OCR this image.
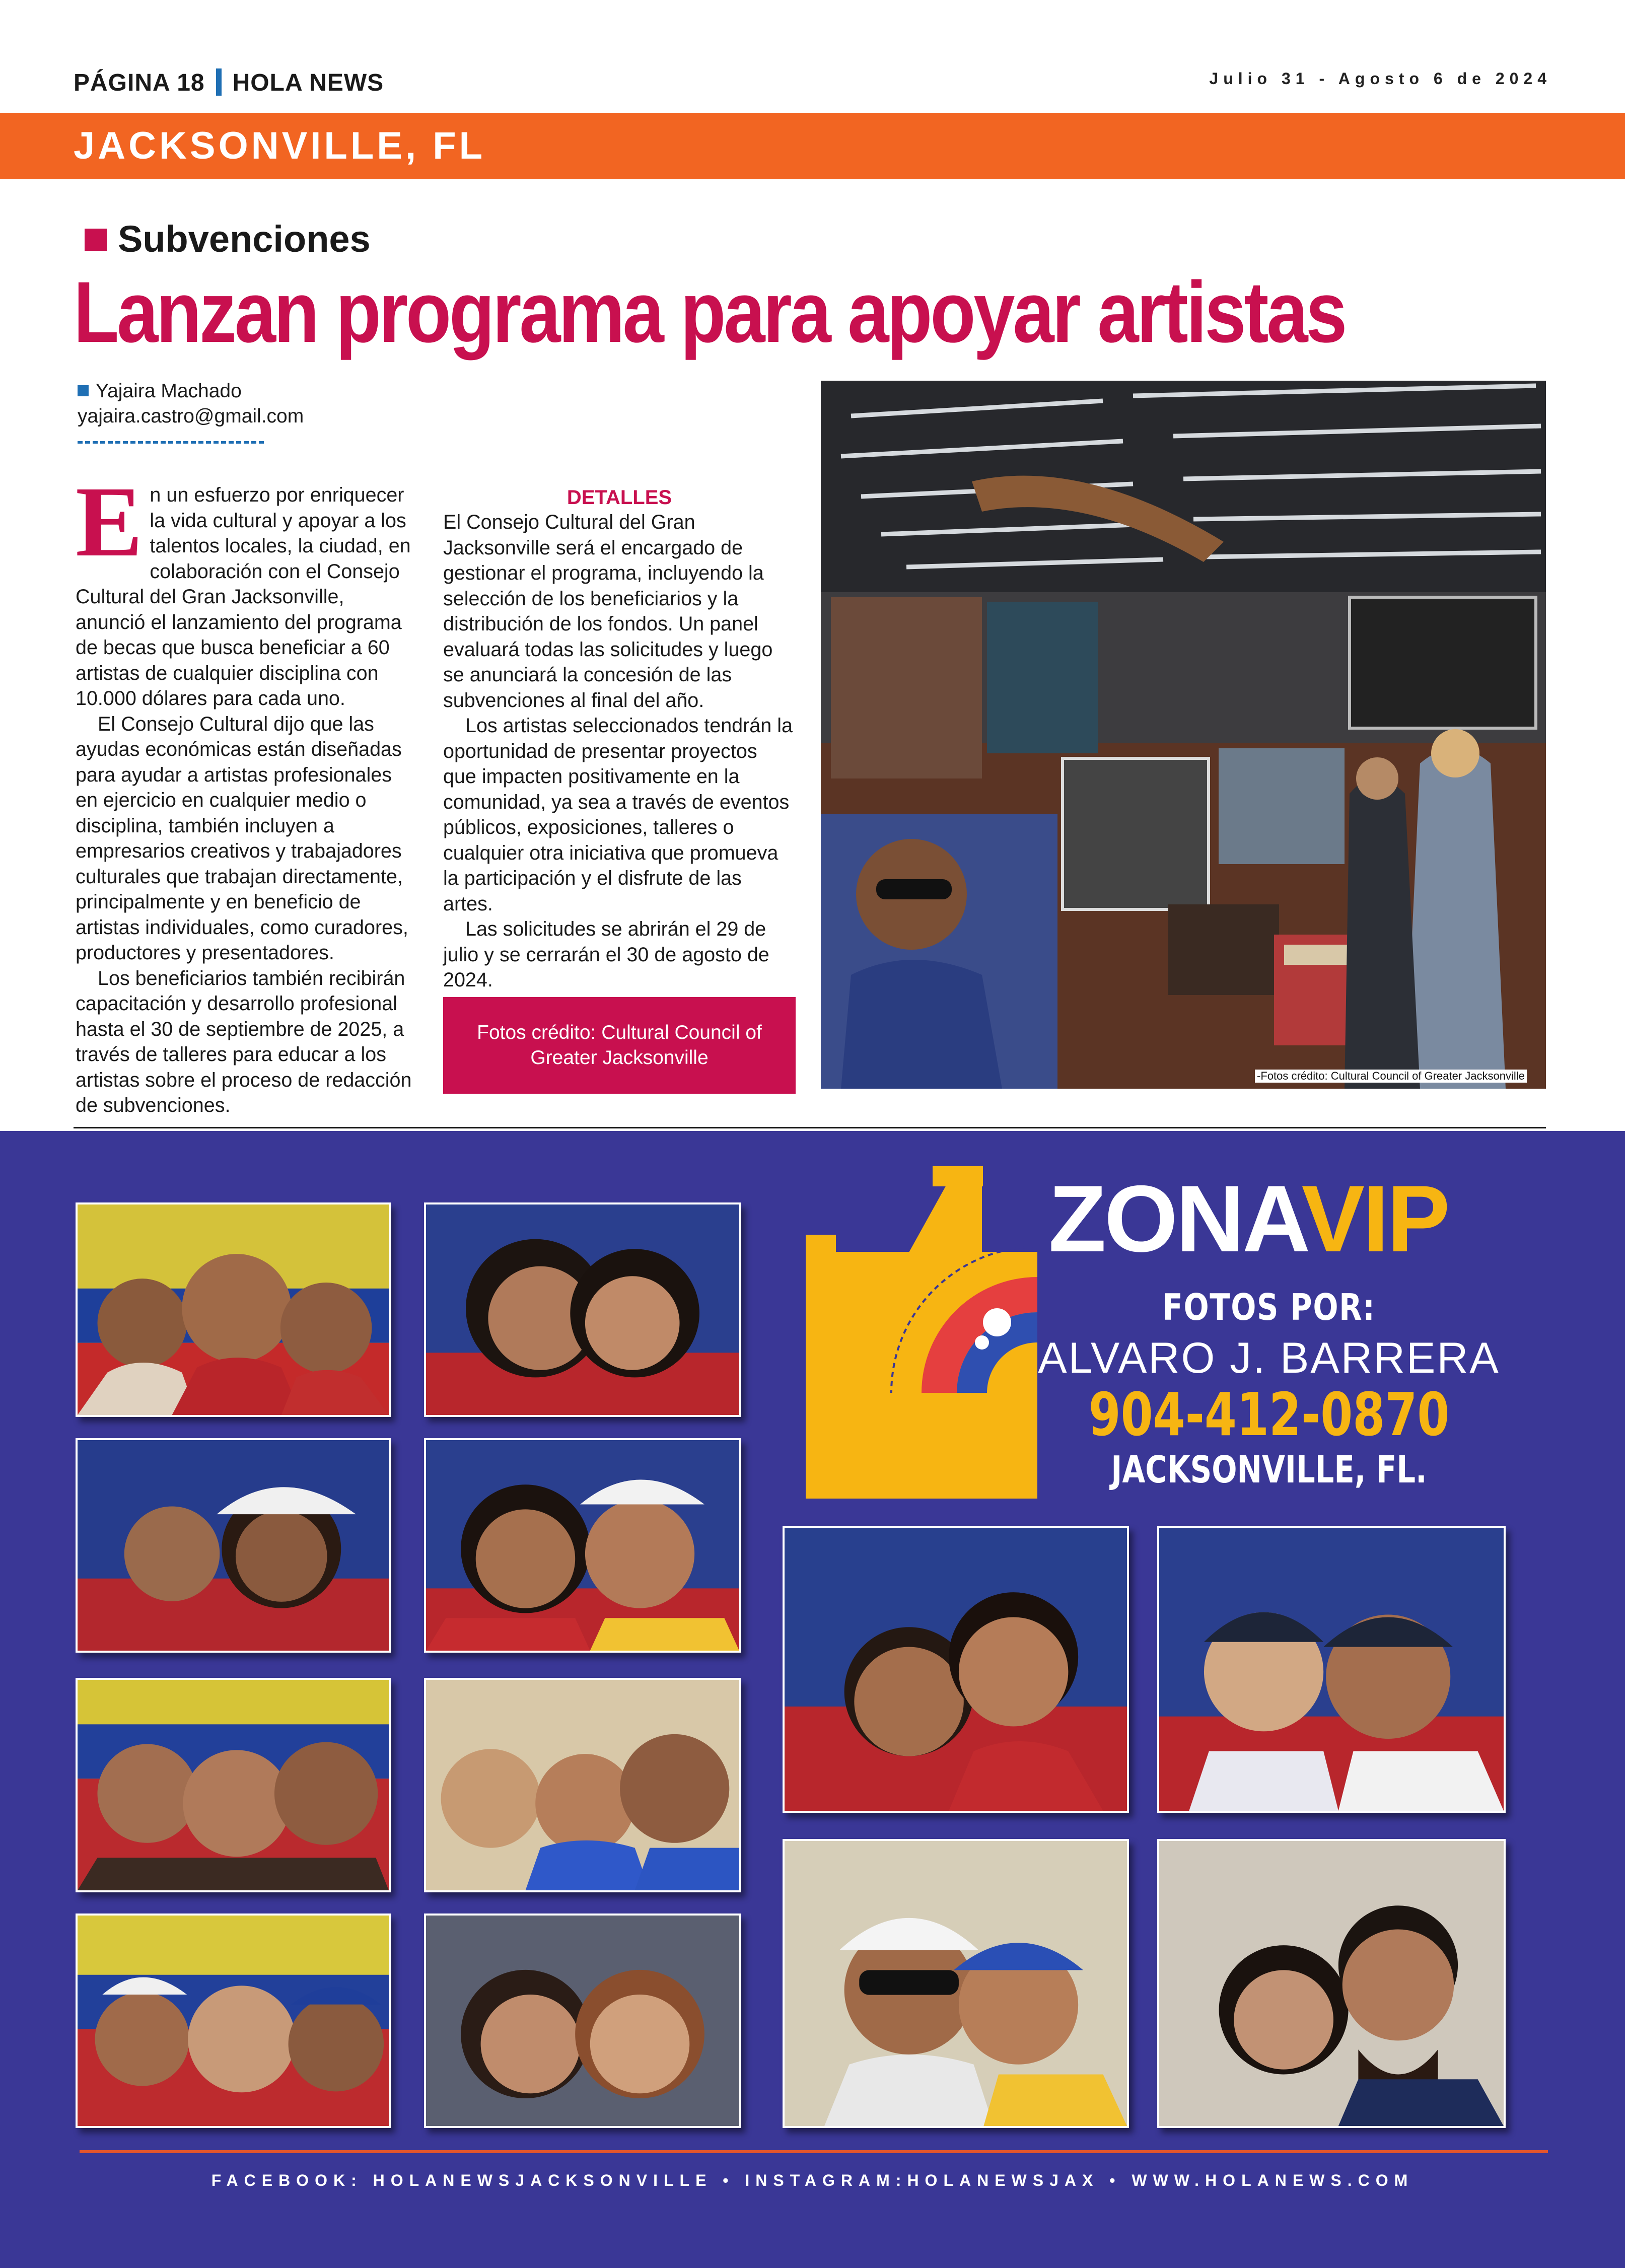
PÁGINA 18 HOLA NEWS	Julio 31 - Agosto 6 de 2024
JACKSONVILLE, FL
Subvenciones
Lanzan programa para apoyar artistas
Yajaira Machado
yajaira.castro@gmail.com

En un esfuerzo por enriquecer la vida cultural y apoyar a los talentos locales, la ciudad, en colaboración con el Consejo Cultural del Gran Jacksonville, anunció el lanzamiento del programa de becas que busca beneficiar a 60 artistas de cualquier disciplina con 10.000 dólares para cada uno.

El Consejo Cultural dijo que las ayudas económicas están diseñadas para ayudar a artistas profesionales en ejercicio en cualquier medio o disciplina, también incluyen a empresarios creativos y trabajadores culturales que trabajan directamente, principalmente y en beneficio de artistas individuales, como curadores, productores y presentadores.

Los beneficiarios también recibirán capacitación y desarrollo profesional hasta el 30 de septiembre de 2025, a través de talleres para educar a los artistas sobre el proceso de redacción de subvenciones.

DETALLES

El Consejo Cultural del Gran Jacksonville será el encargado de gestionar el programa, incluyendo la selección de los beneficiarios y la distribución de los fondos. Un panel evaluará todas las solicitudes y luego se anunciará la concesión de las subvenciones al final del año.

Los artistas seleccionados tendrán la oportunidad de presentar proyectos que impacten positivamente en la comunidad, ya sea a través de eventos públicos, exposiciones, talleres o cualquier otra iniciativa que promueva la participación y el disfrute de las artes.

Las solicitudes se abrirán el 29 de julio y se cerrarán el 30 de agosto de 2024.

Fotos crédito: Cultural Council of Greater Jacksonville
-Fotos crédito: Cultural Council of Greater Jacksonville
ZONAVIP
FOTOS POR:
ALVARO J. BARRERA
904-412-0870
JACKSONVILLE, FL.
FACEBOOK: HOLANEWSJACKSONVILLE • INSTAGRAM:HOLANEWSJAX • WWW.HOLANEWS.COM
